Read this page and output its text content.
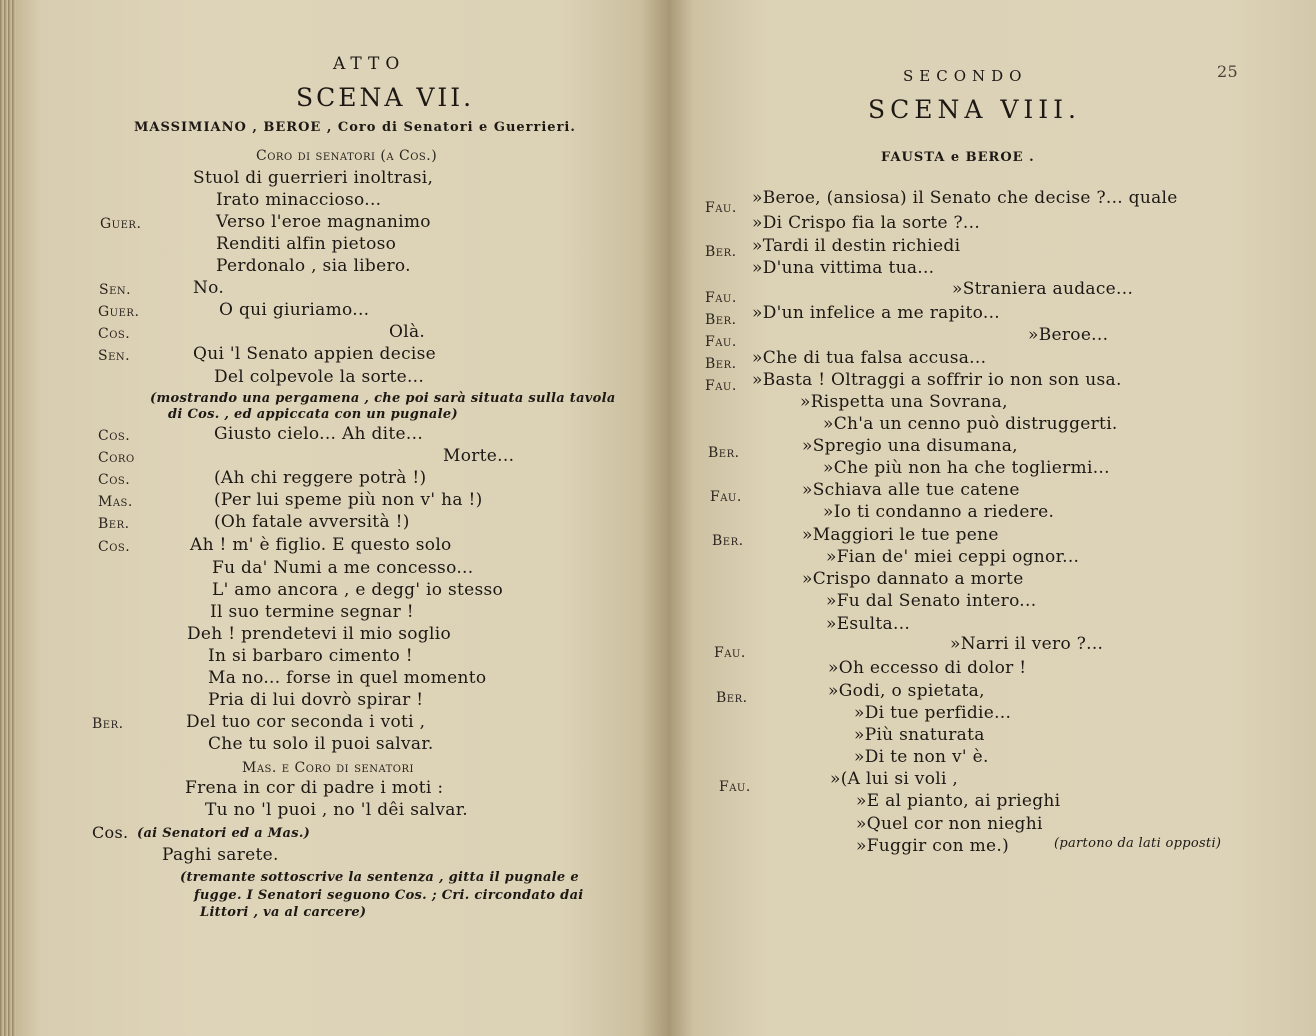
ATTO
SCENA VII.
MASSIMIANO , BEROE , Coro di Senatori e Guerrieri.
Coro di senatori (a Cos.)
Stuol di guerrieri inoltrasi,
Irato minaccioso...
Guer.	Verso l'eroe magnanimo
Renditi alfin pietoso
Perdonalo , sia libero.
Sen.	No.
Guer.	O qui giuriamo...
Cos.	Olà.
Sen.	Qui 'l Senato appien decise
Del colpevole la sorte...
(mostrando una pergamena , che poi sarà situata sulla tavola
di Cos. , ed appiccata con un pugnale)
Cos.	Giusto cielo... Ah dite...
Coro	Morte...
Cos.	(Ah chi reggere potrà !)
Mas.	(Per lui speme più non v' ha !)
Ber.	(Oh fatale avversità !)
Cos.	Ah ! m' è figlio. E questo solo
Fu da' Numi a me concesso...
L' amo ancora , e degg' io stesso
Il suo termine segnar !
Deh ! prendetevi il mio soglio
In si barbaro cimento !
Ma no... forse in quel momento
Pria di lui dovrò spirar !
Ber.	Del tuo cor seconda i voti ,
Che tu solo il puoi salvar.
Mas. e Coro di senatori
Frena in cor di padre i moti :
Tu no 'l puoi , no 'l dêi salvar.
Cos. (ai Senatori ed a Mas.)
Paghi sarete.
(tremante sottoscrive la sentenza , gitta il pugnale e
fugge. I Senatori seguono Cos. ; Cri. circondato dai
Littori , va al carcere)
SECONDO	25
SCENA VIII.
FAUSTA e BEROE .
Fau. »Beroe, (ansiosa) il Senato che decise ?... quale
»Di Crispo fia la sorte ?...
Ber. »Tardi il destin richiedi
»D'una vittima tua...
Fau.	»Straniera audace...
Ber. »D'un infelice a me rapito...
Fau.	»Beroe...
Ber. »Che di tua falsa accusa...
Fau. »Basta ! Oltraggi a soffrir io non son usa.
»Rispetta una Sovrana,
»Ch'a un cenno può distruggerti.
Ber.	»Spregio una disumana,
»Che più non ha che togliermi...
Fau.	»Schiava alle tue catene
»Io ti condanno a riedere.
Ber.	»Maggiori le tue pene
»Fian de' miei ceppi ognor...
»Crispo dannato a morte
»Fu dal Senato intero...
»Esulta...
Fau.	»Narri il vero ?...
»Oh eccesso di dolor !
Ber.	»Godi, o spietata,
»Di tue perfidie...
»Più snaturata
»Di te non v' è.
Fau.	»(A lui si voli ,
»E al pianto, ai prieghi
»Quel cor non nieghi
»Fuggir con me.)	(partono da lati opposti)
